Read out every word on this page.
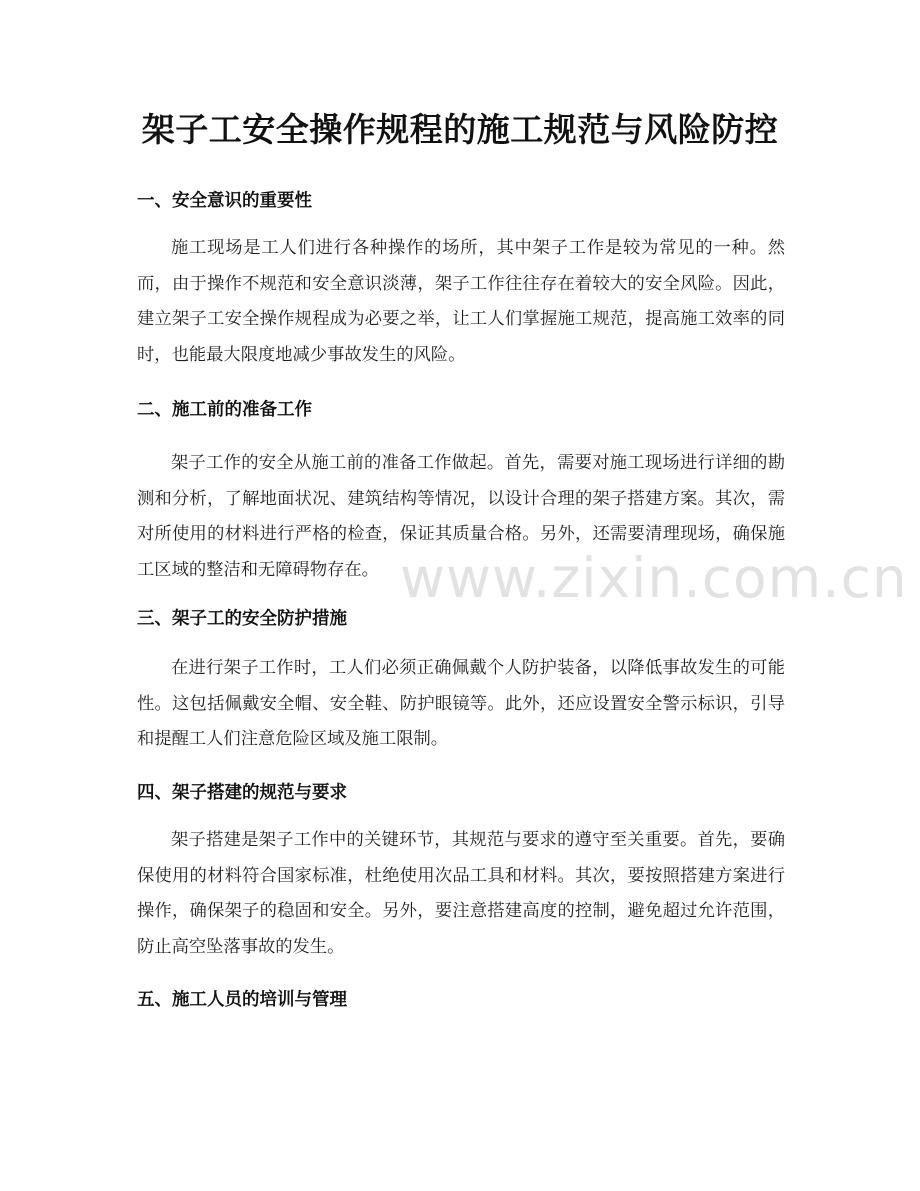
架子工安全操作规程的施工规范与风险防控
一、安全意识的重要性

施工现场是工人们进行各种操作的场所，其中架子工作是较为常见的一种。然而，由于操作不规范和安全意识淡薄，架子工作往往存在着较大的安全风险。因此，建立架子工安全操作规程成为必要之举，让工人们掌握施工规范，提高施工效率的同时，也能最大限度地减少事故发生的风险。

二、施工前的准备工作

架子工作的安全从施工前的准备工作做起。首先，需要对施工现场进行详细的勘测和分析，了解地面状况、建筑结构等情况，以设计合理的架子搭建方案。其次，需对所使用的材料进行严格的检查，保证其质量合格。另外，还需要清理现场，确保施工区域的整洁和无障碍物存在。

三、架子工的安全防护措施

在进行架子工作时，工人们必须正确佩戴个人防护装备，以降低事故发生的可能性。这包括佩戴安全帽、安全鞋、防护眼镜等。此外，还应设置安全警示标识，引导和提醒工人们注意危险区域及施工限制。

四、架子搭建的规范与要求

架子搭建是架子工作中的关键环节，其规范与要求的遵守至关重要。首先，要确保使用的材料符合国家标准，杜绝使用次品工具和材料。其次，要按照搭建方案进行操作，确保架子的稳固和安全。另外，要注意搭建高度的控制，避免超过允许范围，防止高空坠落事故的发生。

五、施工人员的培训与管理
www.zixin.com.cn
